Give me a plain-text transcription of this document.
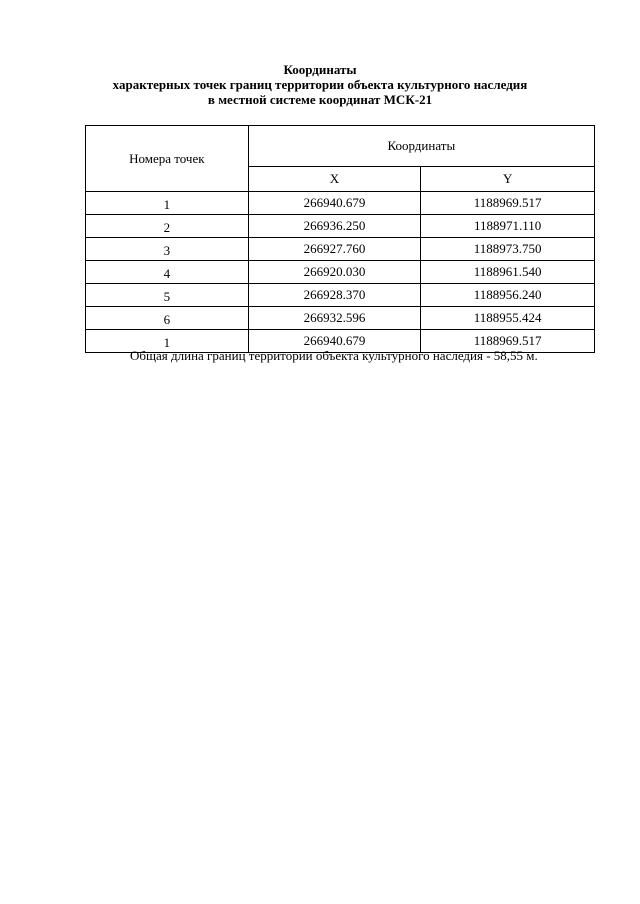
Координаты
характерных точек границ территории объекта культурного наследия
в местной системе координат МСК-21
Номера точек	Координаты	
	X	Y
1	266940.679	1188969.517
2	266936.250	1188971.110
3	266927.760	1188973.750
4	266920.030	1188961.540
5	266928.370	1188956.240
6	266932.596	1188955.424
1	266940.679	1188969.517
Общая длина границ территории объекта культурного наследия - 58,55 м.
